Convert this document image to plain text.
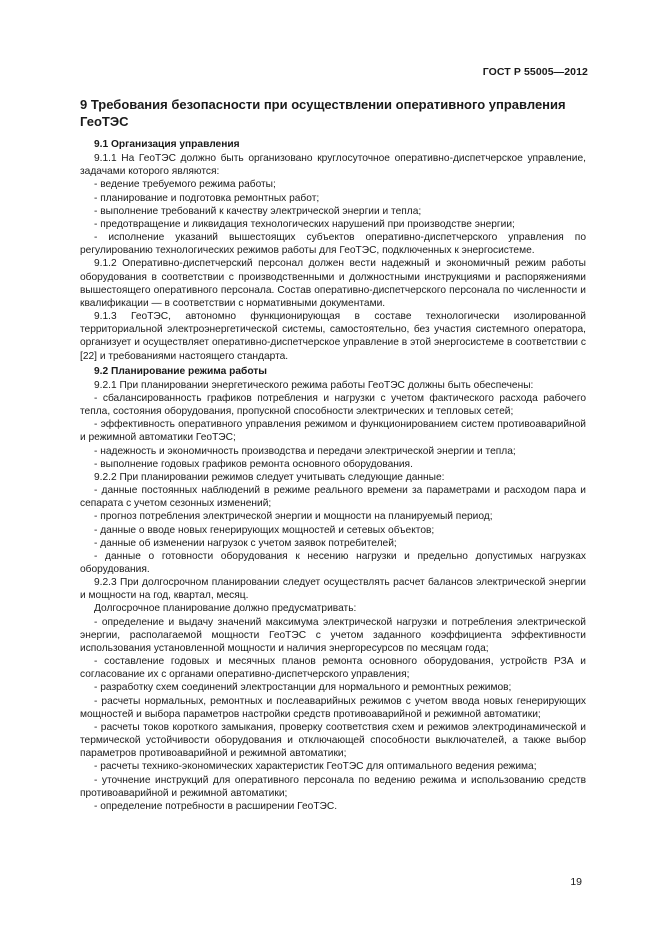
ГОСТ Р 55005—2012
9 Требования безопасности при осуществлении оперативного управления ГеоТЭС

9.1 Организация управления

9.1.1 На ГеоТЭС должно быть организовано круглосуточное оперативно-диспетчерское управление, задачами которого являются:

- ведение требуемого режима работы;

- планирование и подготовка ремонтных работ;

- выполнение требований к качеству электрической энергии и тепла;

- предотвращение и ликвидация технологических нарушений при производстве энергии;

- исполнение указаний вышестоящих субъектов оперативно-диспетчерского управления по регулированию технологических режимов работы для ГеоТЭС, подключенных к энергосистеме.

9.1.2 Оперативно-диспетчерский персонал должен вести надежный и экономичный режим работы оборудования в соответствии с производственными и должностными инструкциями и распоряжениями вышестоящего оперативного персонала. Состав оперативно-диспетчерского персонала по численности и квалификации — в соответствии с нормативными документами.

9.1.3 ГеоТЭС, автономно функционирующая в составе технологически изолированной территориальной электроэнергетической системы, самостоятельно, без участия системного оператора, организует и осуществляет оперативно-диспетчерское управление в этой энергосистеме в соответствии с [22] и требованиями настоящего стандарта.

9.2 Планирование режима работы

9.2.1 При планировании энергетического режима работы ГеоТЭС должны быть обеспечены:

- сбалансированность графиков потребления и нагрузки с учетом фактического расхода рабочего тепла, состояния оборудования, пропускной способности электрических и тепловых сетей;

- эффективность оперативного управления режимом и функционированием систем противоаварийной и режимной автоматики ГеоТЭС;

- надежность и экономичность производства и передачи электрической энергии и тепла;

- выполнение годовых графиков ремонта основного оборудования.

9.2.2 При планировании режимов следует учитывать следующие данные:

- данные постоянных наблюдений в режиме реального времени за параметрами и расходом пара и сепарата с учетом сезонных изменений;

- прогноз потребления электрической энергии и мощности на планируемый период;

- данные о вводе новых генерирующих мощностей и сетевых объектов;

- данные об изменении нагрузок с учетом заявок потребителей;

- данные о готовности оборудования к несению нагрузки и предельно допустимых нагрузках оборудования.

9.2.3 При долгосрочном планировании следует осуществлять расчет балансов электрической энергии и мощности на год, квартал, месяц.

Долгосрочное планирование должно предусматривать:

- определение и выдачу значений максимума электрической нагрузки и потребления электрической энергии, располагаемой мощности ГеоТЭС с учетом заданного коэффициента эффективности использования установленной мощности и наличия энергоресурсов по месяцам года;

- составление годовых и месячных планов ремонта основного оборудования, устройств РЗА и согласование их с органами оперативно-диспетчерского управления;

- разработку схем соединений электростанции для нормального и ремонтных режимов;

- расчеты нормальных, ремонтных и послеаварийных режимов с учетом ввода новых генерирующих мощностей и выбора параметров настройки средств противоаварийной и режимной автоматики;

- расчеты токов короткого замыкания, проверку соответствия схем и режимов электродинамической и термической устойчивости оборудования и отключающей способности выключателей, а также выбор параметров противоаварийной и режимной автоматики;

- расчеты технико-экономических характеристик ГеоТЭС для оптимального ведения режима;

- уточнение инструкций для оперативного персонала по ведению режима и использованию средств противоаварийной и режимной автоматики;

- определение потребности в расширении ГеоТЭС.

19
